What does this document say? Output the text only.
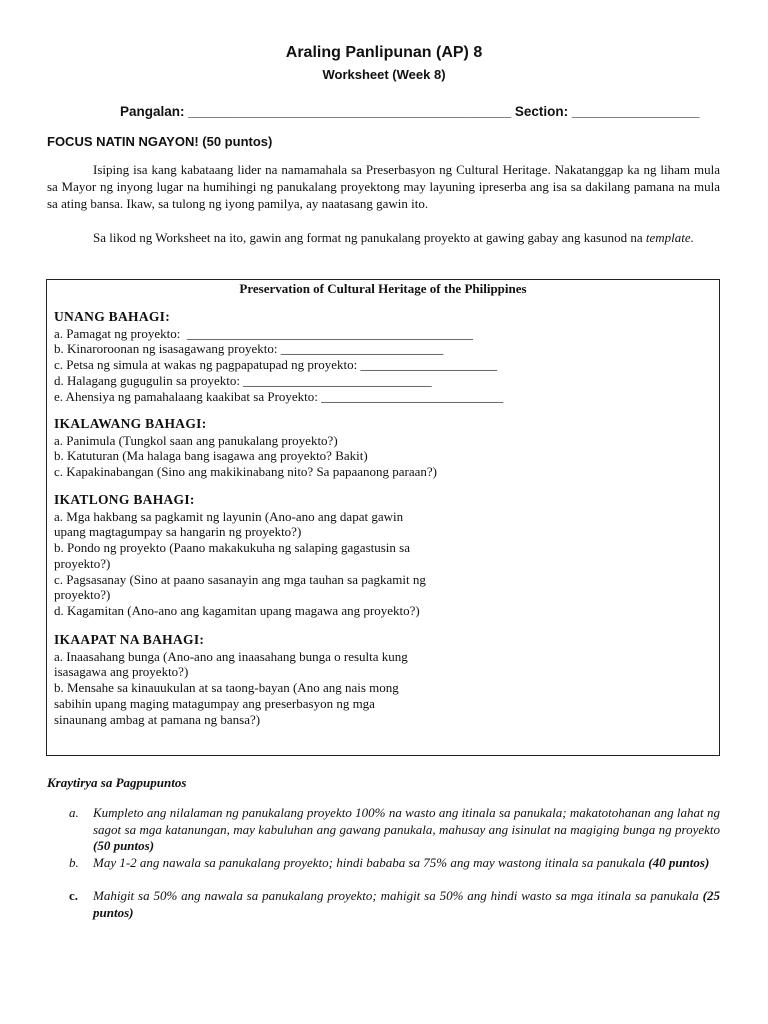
Araling Panlipunan (AP) 8
Worksheet (Week 8)
Pangalan: ___________________________________________ Section: _________________
FOCUS NATIN NGAYON! (50 puntos)
Isiping isa kang kabataang lider na namamahala sa Preserbasyon ng Cultural Heritage. Nakatanggap ka ng liham mula sa Mayor ng inyong lugar na humihingi ng panukalang proyektong may layuning ipreserba ang isa sa dakilang pamana na mula sa ating bansa. Ikaw, sa tulong ng iyong pamilya, ay naatasang gawin ito.
Sa likod ng Worksheet na ito, gawin ang format ng panukalang proyekto at gawing gabay ang kasunod na template.
Preservation of Cultural Heritage of the Philippines
UNANG BAHAGI:
a. Pamagat ng proyekto:  ____________________________________________
b. Kinaroroonan ng isasagawang proyekto: _________________________
c. Petsa ng simula at wakas ng pagpapatupad ng proyekto: _____________________
d. Halagang gugugulin sa proyekto: _____________________________
e. Ahensiya ng pamahalaang kaakibat sa Proyekto: ____________________________
IKALAWANG BAHAGI:
a. Panimula (Tungkol saan ang panukalang proyekto?)
b. Katuturan (Ma halaga bang isagawa ang proyekto? Bakit)
c. Kapakinabangan (Sino ang makikinabang nito? Sa papaanong paraan?)
IKATLONG BAHAGI:
a. Mga hakbang sa pagkamit ng layunin (Ano-ano ang dapat gawin
upang magtagumpay sa hangarin ng proyekto?)
b. Pondo ng proyekto (Paano makakukuha ng salaping gagastusin sa
proyekto?)
c. Pagsasanay (Sino at paano sasanayin ang mga tauhan sa pagkamit ng
proyekto?)
d. Kagamitan (Ano-ano ang kagamitan upang magawa ang proyekto?)
IKAAPAT NA BAHAGI:
a. Inaasahang bunga (Ano-ano ang inaasahang bunga o resulta kung
isasagawa ang proyekto?)
b. Mensahe sa kinauukulan at sa taong-bayan (Ano ang nais mong
sabihin upang maging matagumpay ang preserbasyon ng mga
sinaunang ambag at pamana ng bansa?)
Kraytirya sa Pagpupuntos
a. Kumpleto ang nilalaman ng panukalang proyekto 100% na wasto ang itinala sa panukala; makatotohanan ang lahat ng sagot sa mga katanungan, may kabuluhan ang gawang panukala, mahusay ang isinulat na magiging bunga ng proyekto (50 puntos)
b. May 1-2 ang nawala sa panukalang proyekto; hindi bababa sa 75% ang may wastong itinala sa panukala (40 puntos)
c. Mahigit sa 50% ang nawala sa panukalang proyekto; mahigit sa 50% ang hindi wasto sa mga itinala sa panukala (25 puntos)
